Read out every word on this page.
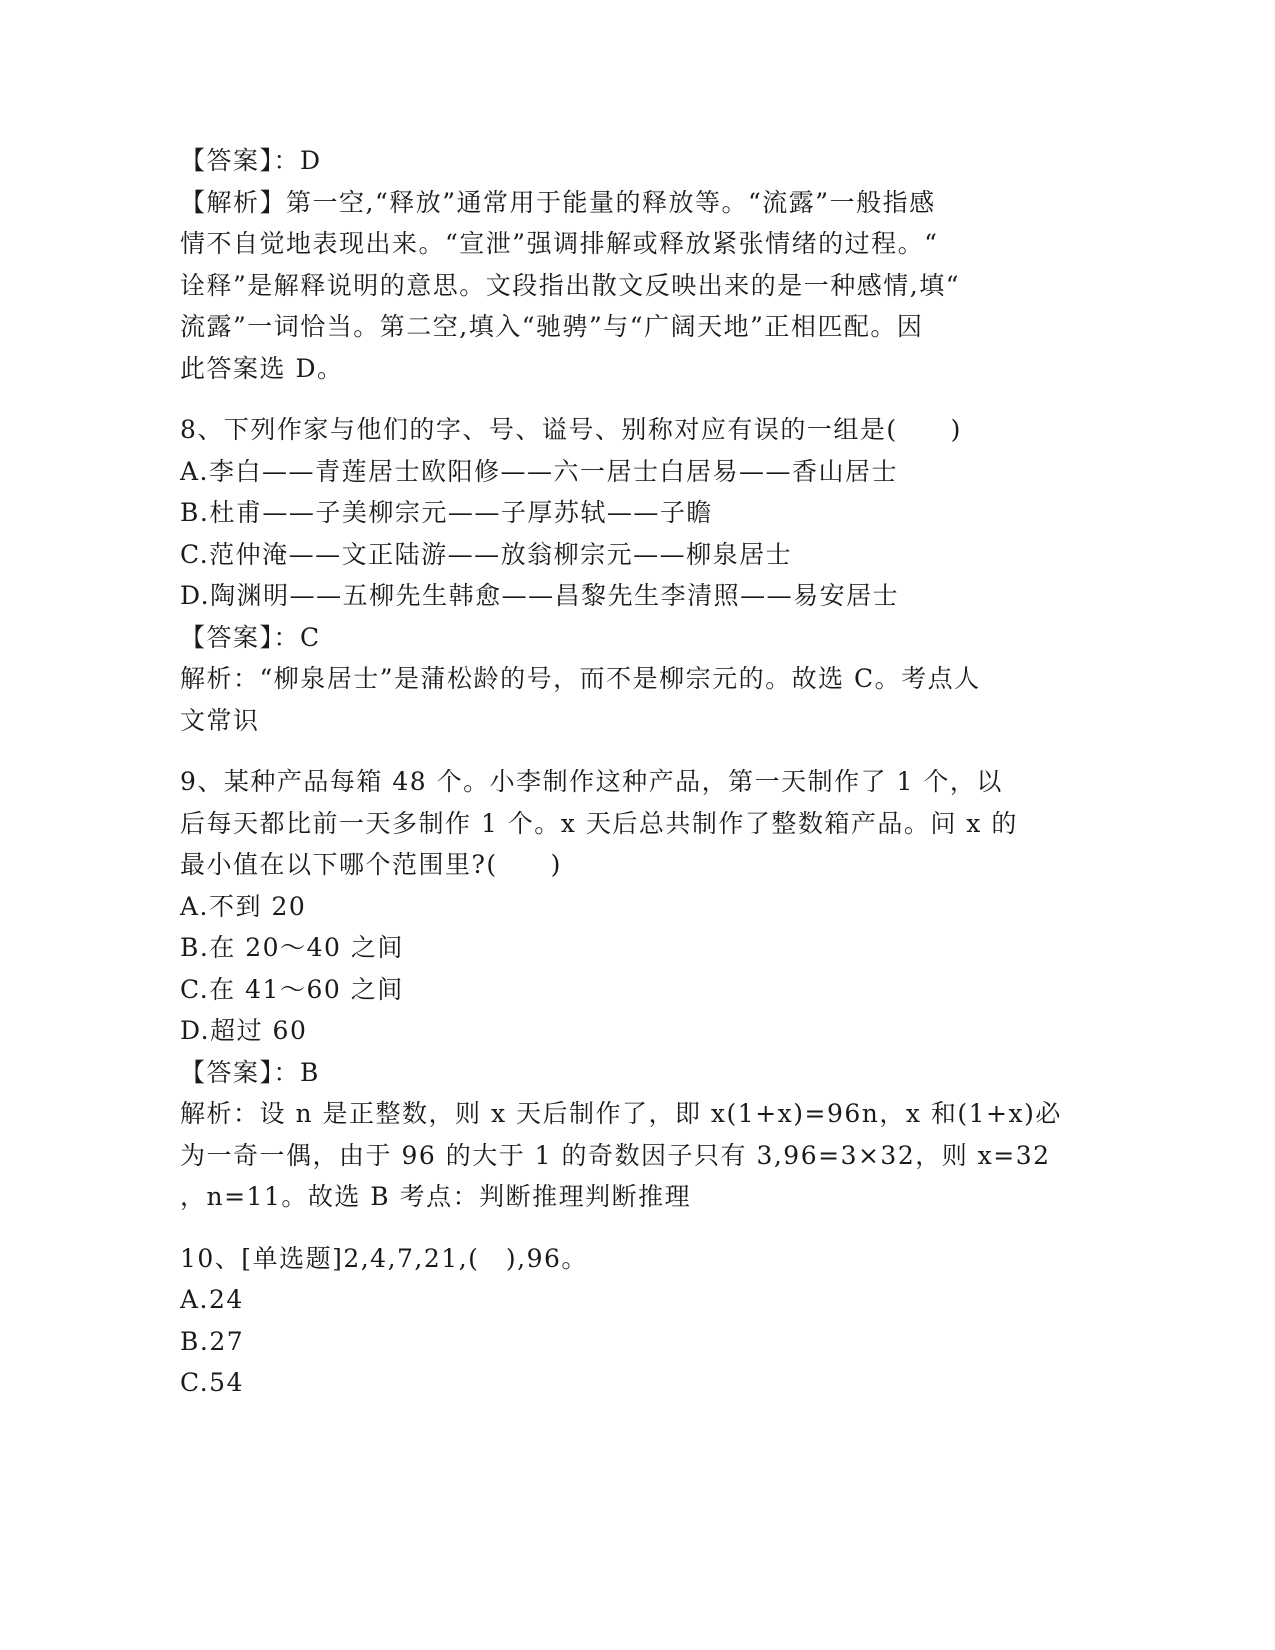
【答案】：D
【解析】第一空,“释放”通常用于能量的释放等。“流露”一般指感
情不自觉地表现出来。“宣泄”强调排解或释放紧张情绪的过程。“
诠释”是解释说明的意思。文段指出散文反映出来的是一种感情,填“
流露”一词恰当。第二空,填入“驰骋”与“广阔天地”正相匹配。因
此答案选 D。
8、下列作家与他们的字、号、谥号、别称对应有误的一组是(　　)
A.李白——青莲居士欧阳修——六一居士白居易——香山居士
B.杜甫——子美柳宗元——子厚苏轼——子瞻
C.范仲淹——文正陆游——放翁柳宗元——柳泉居士
D.陶渊明——五柳先生韩愈——昌黎先生李清照——易安居士
【答案】：C
解析：“柳泉居士”是蒲松龄的号，而不是柳宗元的。故选 C。考点人
文常识
9、某种产品每箱 48 个。小李制作这种产品，第一天制作了 1 个，以
后每天都比前一天多制作 1 个。x 天后总共制作了整数箱产品。问 x 的
最小值在以下哪个范围里?(　　)
A.不到 20
B.在 20～40 之间
C.在 41～60 之间
D.超过 60
【答案】：B
解析：设 n 是正整数，则 x 天后制作了，即 x(1+x)=96n，x 和(1+x)必
为一奇一偶，由于 96 的大于 1 的奇数因子只有 3,96=3×32，则 x=32
，n=11。故选 B 考点：判断推理判断推理
10、[单选题]2,4,7,21,(　),96。
A.24
B.27
C.54
